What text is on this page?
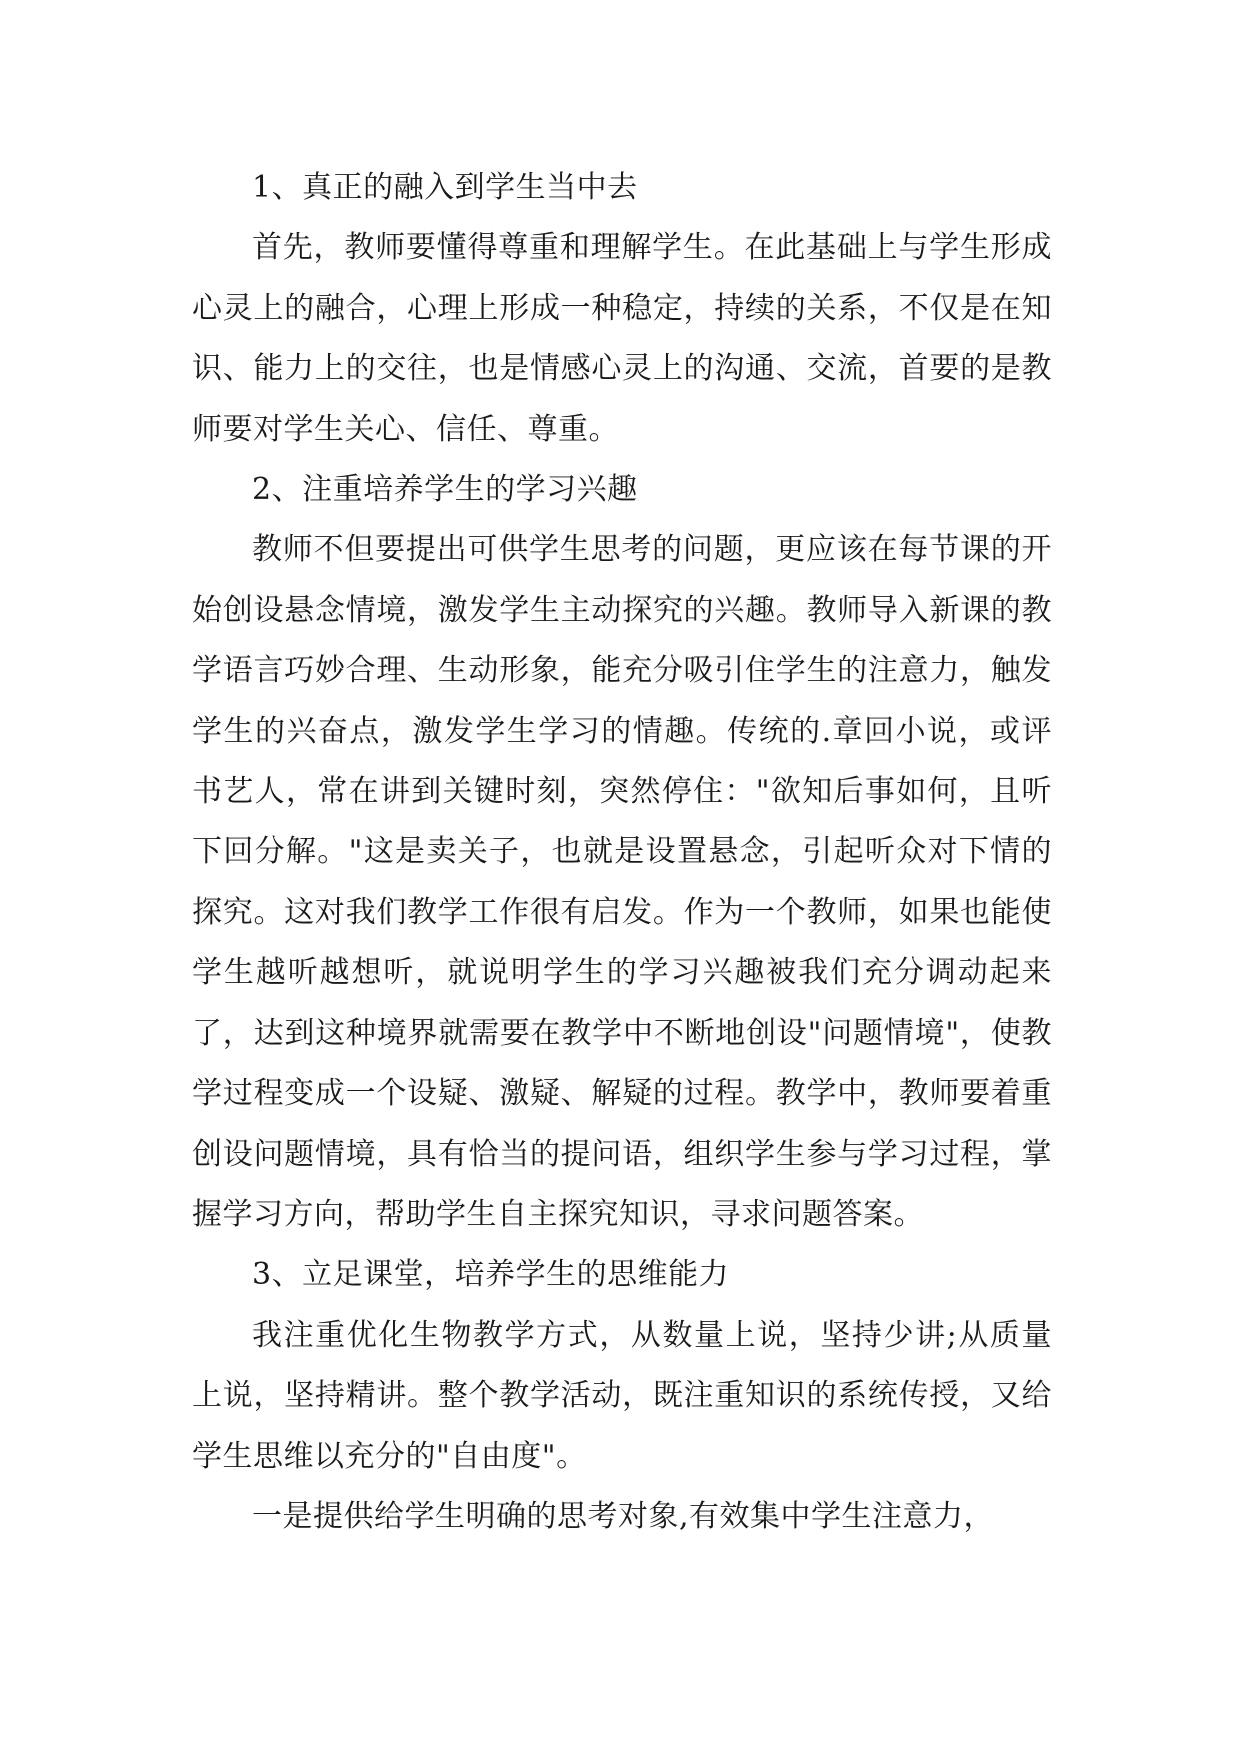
1、真正的融入到学生当中去

首先，教师要懂得尊重和理解学生。在此基础上与学生形成心灵上的融合，心理上形成一种稳定，持续的关系，不仅是在知识、能力上的交往，也是情感心灵上的沟通、交流，首要的是教师要对学生关心、信任、尊重。

2、注重培养学生的学习兴趣

教师不但要提出可供学生思考的问题，更应该在每节课的开始创设悬念情境，激发学生主动探究的兴趣。教师导入新课的教学语言巧妙合理、生动形象，能充分吸引住学生的注意力，触发学生的兴奋点，激发学生学习的情趣。传统的.章回小说，或评书艺人，常在讲到关键时刻，突然停住："欲知后事如何，且听下回分解。"这是卖关子，也就是设置悬念，引起听众对下情的探究。这对我们教学工作很有启发。作为一个教师，如果也能使学生越听越想听，就说明学生的学习兴趣被我们充分调动起来了，达到这种境界就需要在教学中不断地创设"问题情境"，使教学过程变成一个设疑、激疑、解疑的过程。教学中，教师要着重创设问题情境，具有恰当的提问语，组织学生参与学习过程，掌握学习方向，帮助学生自主探究知识，寻求问题答案。

3、立足课堂，培养学生的思维能力

我注重优化生物教学方式，从数量上说，坚持少讲;从质量上说，坚持精讲。整个教学活动，既注重知识的系统传授，又给学生思维以充分的"自由度"。

一是提供给学生明确的思考对象,有效集中学生注意力，
